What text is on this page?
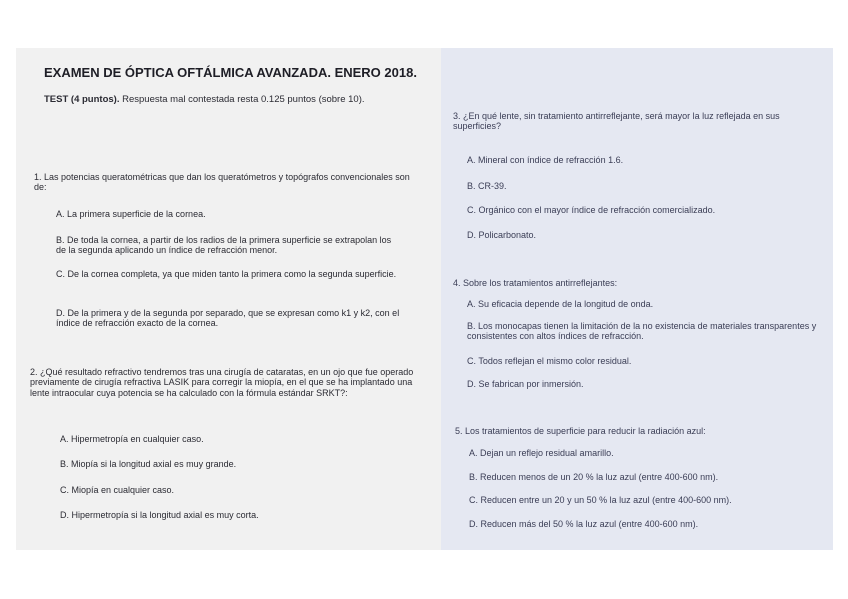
EXAMEN DE ÓPTICA OFTÁLMICA AVANZADA. ENERO 2018.
TEST (4 puntos). Respuesta mal contestada resta 0.125 puntos (sobre 10).
1. Las potencias queratométricas que dan los queratómetros y topógrafos convencionales son de:
A. La primera superficie de la cornea.
B. De toda la cornea, a partir de los radios de la primera superficie se extrapolan los de la segunda aplicando un índice de refracción menor.
C. De la cornea completa, ya que miden tanto la primera como la segunda superficie.
D. De la primera y de la segunda por separado, que se expresan como k1 y k2, con el índice de refracción exacto de la cornea.
2. ¿Qué resultado refractivo tendremos tras una cirugía de cataratas, en un ojo que fue operado previamente de cirugía refractiva LASIK para corregir la miopía, en el que se ha implantado una lente intraocular cuya potencia se ha calculado con la fórmula estándar SRKT?:
A. Hipermetropía en cualquier caso.
B. Miopía si la longitud axial es muy grande.
C. Miopía en cualquier caso.
D. Hipermetropía si la longitud axial es muy corta.
3. ¿En qué lente, sin tratamiento antirreflejante, será mayor la luz reflejada en sus superficies?
A. Mineral con índice de refracción 1.6.
B. CR-39.
C. Orgánico con el mayor índice de refracción comercializado.
D. Policarbonato.
4. Sobre los tratamientos antirreflejantes:
A. Su eficacia depende de la longitud de onda.
B. Los monocapas tienen la limitación de la no existencia de materiales transparentes y consistentes con altos índices de refracción.
C. Todos reflejan el mismo color residual.
D. Se fabrican por inmersión.
5. Los tratamientos de superficie para reducir la radiación azul:
A. Dejan un reflejo residual amarillo.
B. Reducen menos de un 20 % la luz azul (entre 400-600 nm).
C. Reducen entre un 20 y un 50 % la luz azul (entre 400-600 nm).
D. Reducen más del 50 % la luz azul (entre 400-600 nm).
